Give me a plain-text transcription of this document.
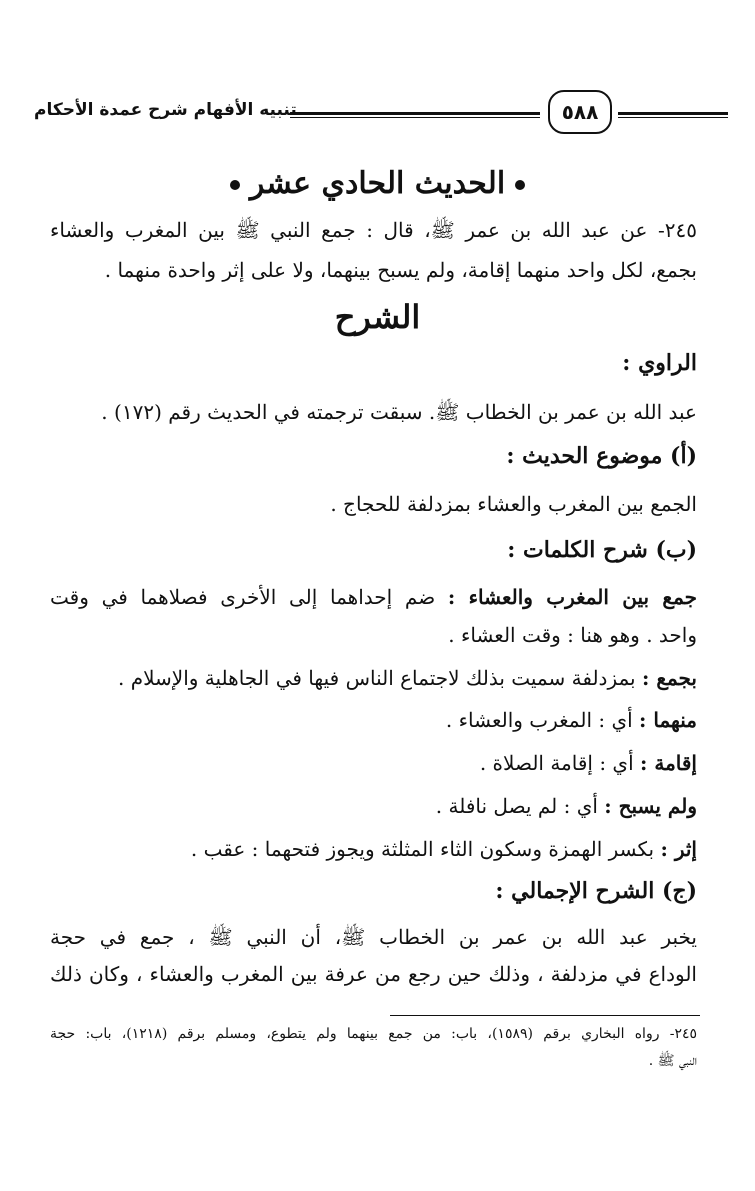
تنبيه الأفهام شرح عمدة الأحكام	٥٨٨
الحديث الحادي عشر
٢٤٥- عن عبد الله بن عمر ﷺ، قال : جمع النبي ﷺ بين المغرب والعشاء
بجمع، لكل واحد منهما إقامة، ولم يسبح بينهما، ولا على إثر واحدة منهما .
الشرح
الراوي :
عبد الله بن عمر بن الخطاب ﷺ. سبقت ترجمته في الحديث رقم (١٧٢) .
(أ) موضوع الحديث :
الجمع بين المغرب والعشاء بمزدلفة للحجاج .
(ب) شرح الكلمات :
جمع بين المغرب والعشاء : ضم إحداهما إلى الأخرى فصلاهما في وقت
واحد . وهو هنا : وقت العشاء .
بجمع : بمزدلفة سميت بذلك لاجتماع الناس فيها في الجاهلية والإسلام .
منهما : أي : المغرب والعشاء .
إقامة : أي : إقامة الصلاة .
ولم يسبح : أي : لم يصل نافلة .
إثر : بكسر الهمزة وسكون الثاء المثلثة ويجوز فتحهما : عقب .
(ج) الشرح الإجمالي :
يخبر عبد الله بن عمر بن الخطاب ﷺ، أن النبي ﷺ ، جمع في حجة
الوداع في مزدلفة ، وذلك حين رجع من عرفة بين المغرب والعشاء ، وكان ذلك
٢٤٥- رواه البخاري برقم (١٥٨٩)، باب: من جمع بينهما ولم يتطوع، ومسلم برقم (١٢١٨)، باب: حجة
النبي ﷺ .
